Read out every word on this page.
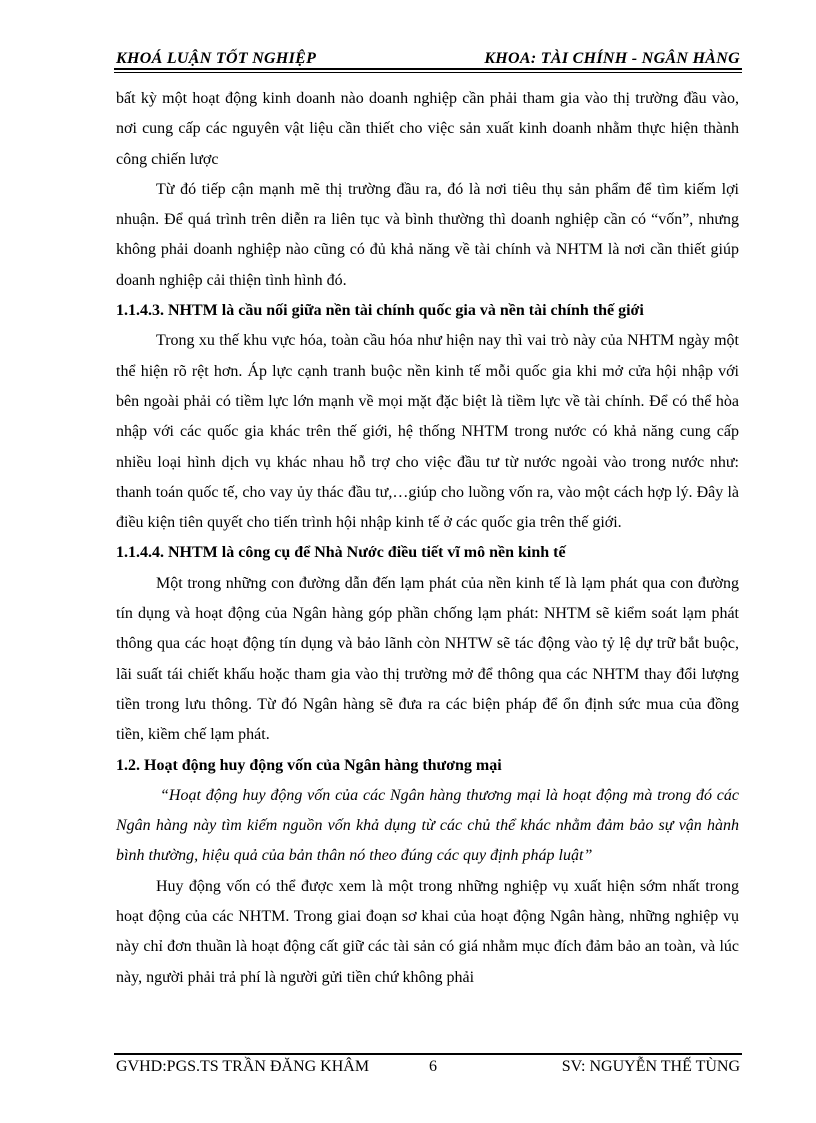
KHOÁ LUẬN TỐT NGHIỆP	KHOA: TÀI CHÍNH - NGÂN HÀNG

bất kỳ một hoạt động kinh doanh nào doanh nghiệp cần phải tham gia vào thị trường đầu vào, nơi cung cấp các nguyên vật liệu cần thiết cho việc sản xuất kinh doanh nhằm thực hiện thành công chiến lược

Từ đó tiếp cận mạnh mẽ thị trường đầu ra, đó là nơi tiêu thụ sản phẩm để tìm kiếm lợi nhuận. Để quá trình trên diễn ra liên tục và bình thường thì doanh nghiệp cần có “vốn”, nhưng không phải doanh nghiệp nào cũng có đủ khả năng về tài chính và NHTM là nơi cần thiết giúp doanh nghiệp cải thiện tình hình đó.

1.1.4.3. NHTM là cầu nối giữa nền tài chính quốc gia và nền tài chính thế giới

Trong xu thế khu vực hóa, toàn cầu hóa như hiện nay thì vai trò này của NHTM ngày một thể hiện rõ rệt hơn. Áp lực cạnh tranh buộc nền kinh tế mỗi quốc gia khi mở cửa hội nhập với bên ngoài phải có tiềm lực lớn mạnh về mọi mặt đặc biệt là tiềm lực về tài chính. Để có thể hòa nhập với các quốc gia khác trên thế giới, hệ thống NHTM trong nước có khả năng cung cấp nhiều loại hình dịch vụ khác nhau hỗ trợ cho việc đầu tư từ nước ngoài vào trong nước như: thanh toán quốc tế, cho vay ủy thác đầu tư,…giúp cho luồng vốn ra, vào một cách hợp lý. Đây là điều kiện tiên quyết cho tiến trình hội nhập kinh tế ở các quốc gia trên thế giới.

1.1.4.4. NHTM là công cụ để Nhà Nước điều tiết vĩ mô nền kinh tế

Một trong những con đường dẫn đến lạm phát của nền kinh tế là lạm phát qua con đường tín dụng và hoạt động của Ngân hàng góp phần chống lạm phát: NHTM sẽ kiểm soát lạm phát thông qua các hoạt động tín dụng và bảo lãnh còn NHTW sẽ tác động vào tỷ lệ dự trữ bắt buộc, lãi suất tái chiết khấu hoặc tham gia vào thị trường mở để thông qua các NHTM thay đổi lượng tiền trong lưu thông. Từ đó Ngân hàng sẽ đưa ra các biện pháp để ổn định sức mua của đồng tiền, kiềm chế lạm phát.

1.2. Hoạt động huy động vốn của Ngân hàng thương mại

“Hoạt động huy động vốn của các Ngân hàng thương mại là hoạt động mà trong đó các Ngân hàng này tìm kiếm nguồn vốn khả dụng từ các chủ thể khác nhằm đảm bảo sự vận hành bình thường, hiệu quả của bản thân nó theo đúng các quy định pháp luật”

Huy động vốn có thể được xem là một trong những nghiệp vụ xuất hiện sớm nhất trong hoạt động của các NHTM. Trong giai đoạn sơ khai của hoạt động Ngân hàng, những nghiệp vụ này chỉ đơn thuần là hoạt động cất giữ các tài sản có giá nhằm mục đích đảm bảo an toàn, và lúc này, người phải trả phí là người gửi tiền chứ không phải

GVHD:PGS.TS TRẦN ĐĂNG KHÂM	6	SV: NGUYỄN THẾ TÙNG
